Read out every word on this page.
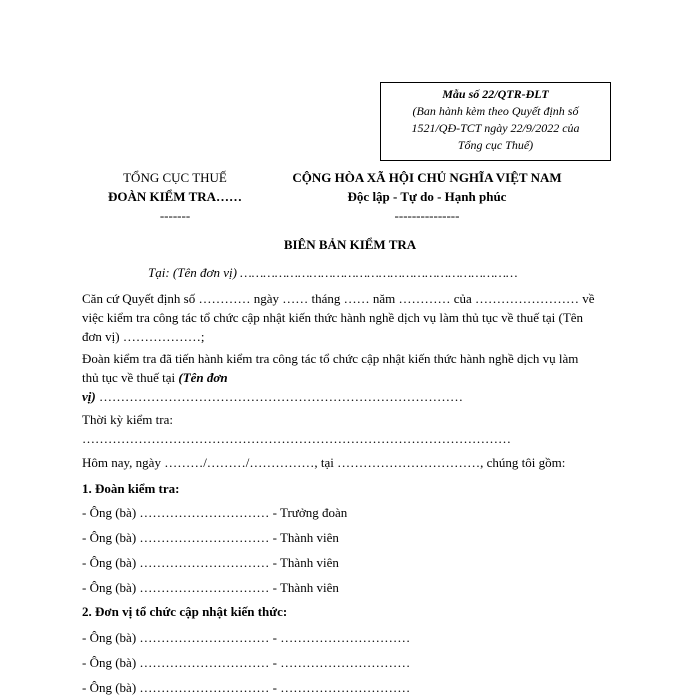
Mẫu số 22/QTR-ĐLT
(Ban hành kèm theo Quyết định số
1521/QĐ-TCT ngày 22/9/2022 của
Tổng cục Thuế)
TỔNG CỤC THUẾ
ĐOÀN KIỂM TRA……
-------
CỘNG HÒA XÃ HỘI CHỦ NGHĨA VIỆT NAM
Độc lập - Tự do - Hạnh phúc
---------------
BIÊN BẢN KIỂM TRA
Tại: (Tên đơn vị) ………………………………………………………………
Căn cứ Quyết định số ………… ngày …… tháng …… năm ………… của …………………… về
việc kiểm tra công tác tổ chức cập nhật kiến thức hành nghề dịch vụ làm thủ tục về thuế tại (Tên
đơn vị) ………………;
Đoàn kiểm tra đã tiến hành kiểm tra công tác tổ chức cập nhật kiến thức hành nghề dịch vụ làm
thủ tục về thuế tại (Tên đơn
vị) …………………………………………………………………………
Thời kỳ kiểm tra:
………………………………………………………………………………………
Hôm nay, ngày ………/………/……………, tại ……………………………, chúng tôi gồm:
1. Đoàn kiểm tra:
- Ông (bà) ………………………… - Trưởng đoàn
- Ông (bà) ………………………… - Thành viên
- Ông (bà) ………………………… - Thành viên
- Ông (bà) ………………………… - Thành viên
2. Đơn vị tổ chức cập nhật kiến thức:
- Ông (bà) ………………………… - …………………………
- Ông (bà) ………………………… - …………………………
- Ông (bà) ………………………… - …………………………
